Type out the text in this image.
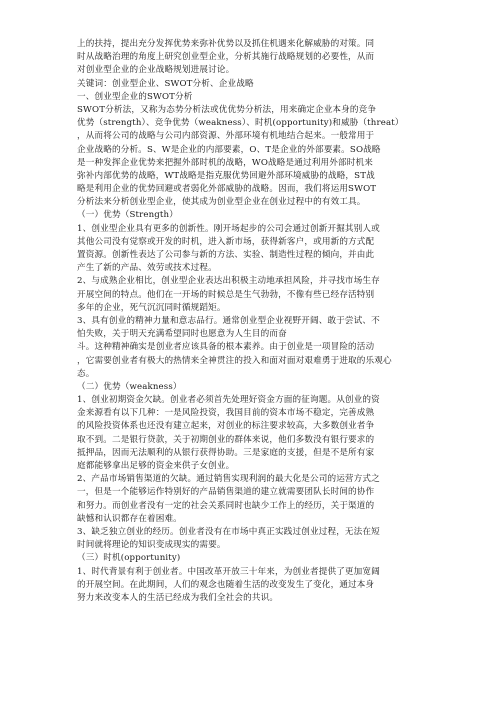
上的扶持，提出充分发挥优势来弥补优势以及抓住机遇来化解威胁的对策。同
时从战略治理的角度上研究创业型企业，分析其施行战略规划的必要性，从而
对创业型企业的企业战略规划进展讨论。
关键词：创业型企业、SWOT分析、企业战略
一、创业型企业的SWOT分析
SWOT分析法，又称为态势分析法或优优势分析法，用来确定企业本身的竞争
优势（strength）、竞争优势（weakness）、时机(opportunity)和威胁（threat）
，从而将公司的战略与公司内部资源、外部环境有机地结合起来。一般常用于
企业战略的分析。S、W是企业的内部要素，O、T是企业的外部要素。SO战略
是一种发挥企业优势来把握外部时机的战略，WO战略是通过利用外部时机来
弥补内部优势的战略，WT战略是指克服优势回避外部环境威胁的战略，ST战
略是利用企业的优势回避或者弱化外部威胁的战略。因而，我们将运用SWOT
分析法来分析创业型企业，使其成为创业型企业在创业过程中的有效工具。
（一）优势（Strength）
1、创业型企业具有更多的创新性。刚开场起步的公司会通过创新开掘其别人或
其他公司没有觉察或开发的时机，进入新市场，获得新客户，或用新的方式配
置资源。创新性表达了公司参与新的方法、实验、制造性过程的倾向，并由此
产生了新的产品、效劳或技术过程。
2、与成熟企业相比，创业型企业表达出积极主动地承担风险，并寻找市场生存
开展空间的特点。他们在一开场的时候总是生气勃勃，不像有些已经存活特别
多年的企业，死气沉沉同时循规蹈矩。
3、具有创业的精神力量和意志品行。通常创业型企业视野开阔、敢于尝试、不
怕失败，关于明天充满希望同时也愿意为人生目的而奋
斗。这种精神确实是创业者应该具备的根本素养。由于创业是一项冒险的活动
，它需要创业者有极大的热情来全神贯注的投入和面对面对艰难勇于进取的乐观心
态。
（二）优势（weakness）
1、创业初期资金欠缺。创业者必须首先处理好资金方面的征询题。从创业的资
金来源看有以下几种：一是风险投资，我国目前的资本市场不稳定，完善成熟
的风险投资体系也还没有建立起来，对创业的标注要求较高，大多数创业者争
取不到。二是银行贷款，关于初期创业的群体来说，他们多数没有银行要求的
抵押品，因而无法顺利的从银行获得协助。三是家庭的支援，但是不是所有家
庭都能够拿出足够的资金来供子女创业。
2、产品市场销售渠道的欠缺。通过销售实现利润的最大化是公司的运营方式之
一，但是一个能够运作特别好的产品销售渠道的建立就需要团队长时间的协作
和努力。而创业者没有一定的社会关系同时也缺少工作上的经历，关于渠道的
缺憾和认识都存在着困难。
3、缺乏独立创业的经历。创业者没有在市场中真正实践过创业过程，无法在短
时间就将理论的知识变成现实的需要。
（三）时机(opportunity)
1、时代背景有利于创业者。中国改革开放三十年来，为创业者提供了更加宽阔
的开展空间。在此期间，人们的观念也随着生活的改变发生了变化，通过本身
努力来改变本人的生活已经成为我们全社会的共识。
